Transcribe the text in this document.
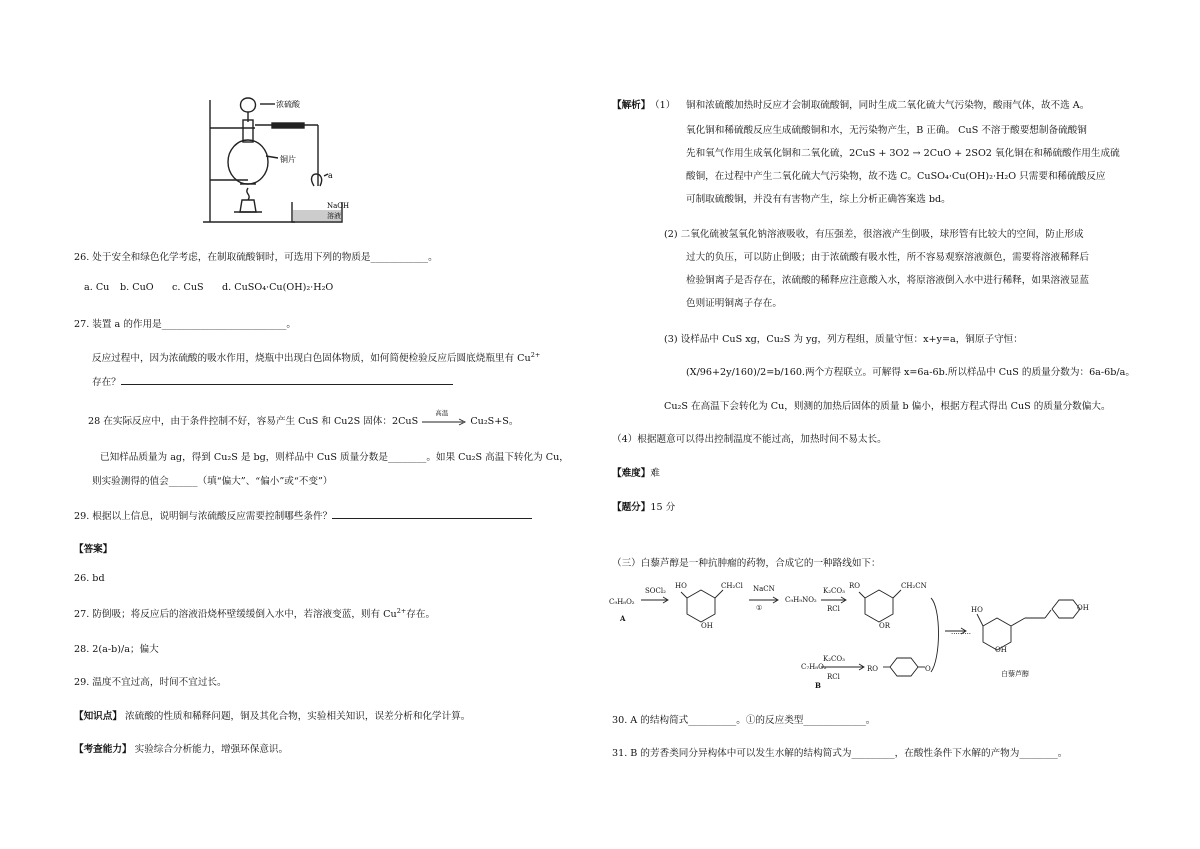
浓硫酸
铜片
a
NaOH
溶液
26. 处于安全和绿色化学考虑，在制取硫酸铜时，可选用下列的物质是____________。
a. Cu b. CuO c. CuS d. CuSO₄·Cu(OH)₂·H₂O
27. 装置 a 的作用是__________________________。
反应过程中，因为浓硫酸的吸水作用，烧瓶中出现白色固体物质，如何简便检验反应后圆底烧瓶里有 $Cu^{2+}$
存在？
28 在实际反应中，由于条件控制不好，容易产生 CuS 和 Cu2S 固体：2CuS
高温
Cu₂S+S。
已知样品质量为 ag，得到 Cu₂S 是 bg，则样品中 CuS 质量分数是________。如果 Cu₂S 高温下转化为 Cu，
则实验测得的值会______（填“偏大”、“偏小”或“不变”）
29. 根据以上信息，说明铜与浓硫酸反应需要控制哪些条件？
【答案】
26. bd
27. 防倒吸；将反应后的溶液沿烧杯壁缓缓倒入水中，若溶液变蓝，则有 $Cu^{2+}$存在。
28. 2(a-b)/a；偏大
29. 温度不宜过高，时间不宜过长。
【知识点】 浓硫酸的性质和稀释问题，铜及其化合物，实验相关知识，误差分析和化学计算。
【考查能力】 实验综合分析能力，增强环保意识。
【解析】 （1） 铜和浓硫酸加热时反应才会制取硫酸铜，同时生成二氧化硫大气污染物，酸雨气体，故不选 A。
氧化铜和稀硫酸反应生成硫酸铜和水，无污染物产生，B 正确。 CuS 不溶于酸要想制备硫酸铜
先和氧气作用生成氧化铜和二氧化硫，2CuS + 3O2 → 2CuO + 2SO2 氧化铜在和稀硫酸作用生成硫
酸铜，在过程中产生二氧化硫大气污染物，故不选 C。CuSO₄·Cu(OH)₂·H₂O 只需要和稀硫酸反应
可制取硫酸铜，并没有有害物产生，综上分析正确答案选 bd。
(2) 二氧化硫被氢氧化钠溶液吸收，有压强差，很溶液产生倒吸，球形管有比较大的空间，防止形成
过大的负压，可以防止倒吸；由于浓硫酸有吸水性，所不容易观察溶液颜色，需要将溶液稀释后
检验铜离子是否存在，浓硫酸的稀释应注意酸入水，将原溶液倒入水中进行稀释，如果溶液显蓝
色则证明铜离子存在。
(3) 设样品中 CuS xg，Cu₂S 为 yg，列方程组，质量守恒：x+y=a，铜原子守恒：
(X/96+2y/160)/2=b/160.两个方程联立。可解得 x=6a-6b.所以样品中 CuS 的质量分数为：6a-6b/a。
Cu₂S 在高温下会转化为 Cu，则测的加热后固体的质量 b 偏小，根据方程式得出 CuS 的质量分数偏大。
（4）根据题意可以得出控制温度不能过高，加热时间不易太长。
【难度】难
【题分】15 分
（三）白藜芦醇是一种抗肿瘤的药物，合成它的一种路线如下：
C₉H₈O₂
A
SOCl₂
HO	CH₂Cl
OH
NaCN
①
C₉H₉NO₂
K₂CO₃
RCl
RO	CH₂CN
OR
C₇H₈O₂
B
K₂CO₃
RCl
RO	O
·········
HO
OH
OH
白藜芦醇
30. A 的结构简式__________。①的反应类型_____________。
31. B 的芳香类同分异构体中可以发生水解的结构简式为_________，在酸性条件下水解的产物为________。
